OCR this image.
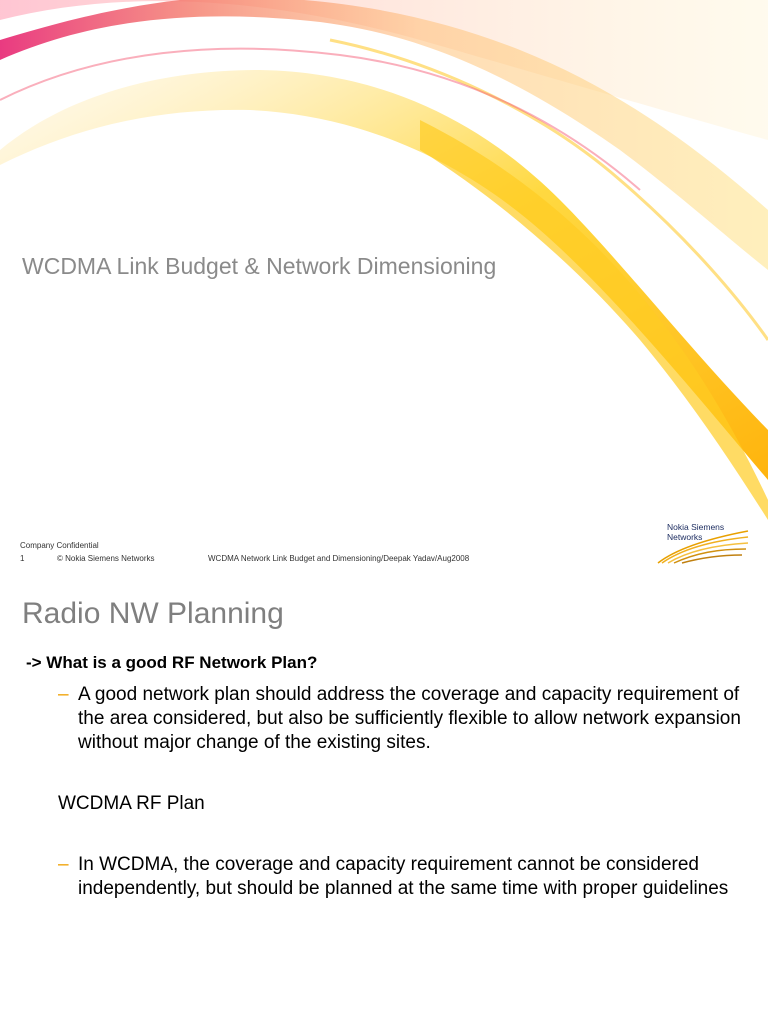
WCDMA Link Budget & Network Dimensioning
Company Confidential
1	© Nokia Siemens Networks	WCDMA Network Link Budget and Dimensioning/Deepak Yadav/Aug2008
Nokia Siemens
Networks
Radio NW Planning
-> What is a good RF Network Plan?
– A good network plan should address the coverage and capacity requirement of the area considered, but also be sufficiently flexible to allow network expansion without major change of the existing sites.
WCDMA RF Plan
– In WCDMA, the coverage and capacity requirement cannot be considered independently, but should be planned at the same time with proper guidelines
